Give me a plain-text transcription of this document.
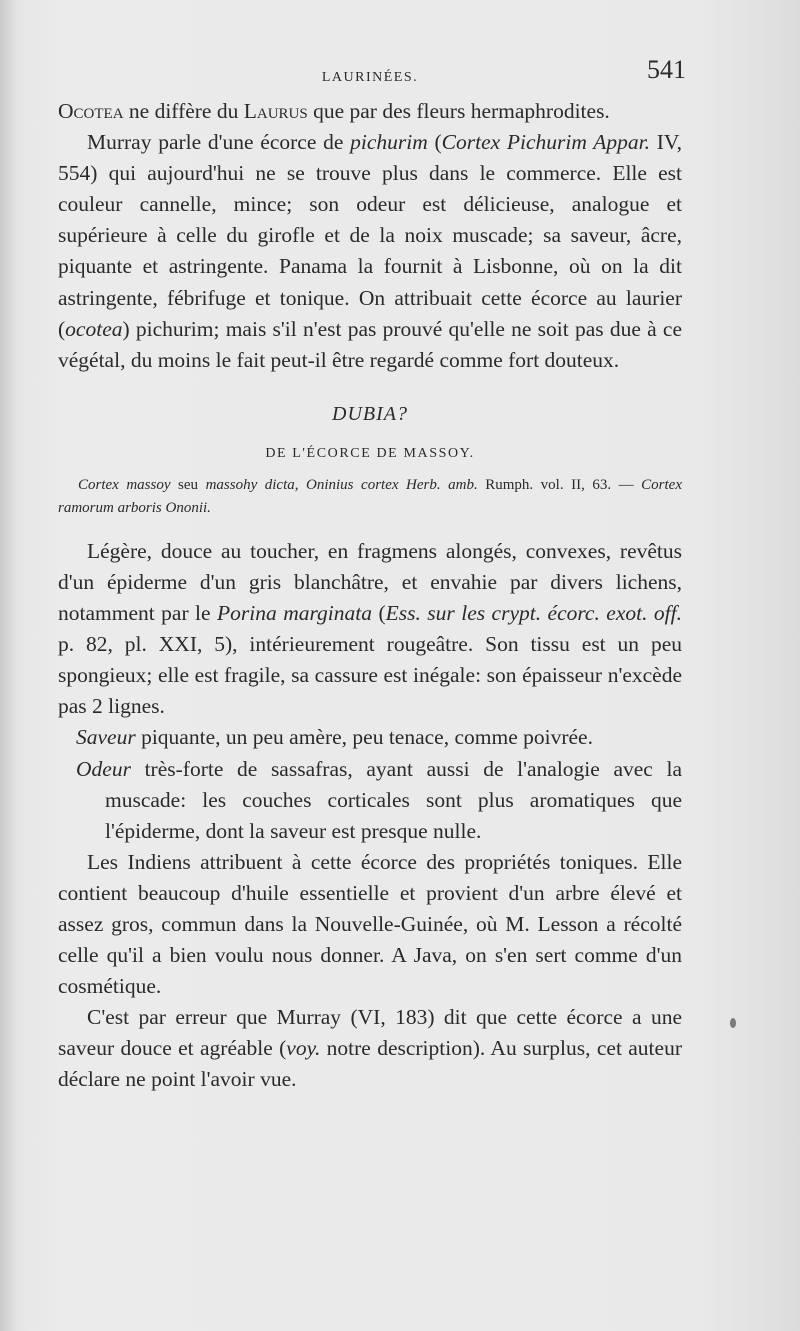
LAURINÉES.	541

Ocotea ne diffère du Laurus que par des fleurs hermaphrodites.

Murray parle d'une écorce de pichurim (Cortex Pichurim Appar. IV, 554) qui aujourd'hui ne se trouve plus dans le commerce. Elle est couleur cannelle, mince; son odeur est délicieuse, analogue et supérieure à celle du girofle et de la noix muscade; sa saveur, âcre, piquante et astringente. Panama la fournit à Lisbonne, où on la dit astringente, fébrifuge et tonique. On attribuait cette écorce au laurier (ocotea) pichurim; mais s'il n'est pas prouvé qu'elle ne soit pas due à ce végétal, du moins le fait peut-il être regardé comme fort douteux.

DUBIA?
DE L'ÉCORCE DE MASSOY.

Cortex massoy seu massohy dicta, Oninius cortex Herb. amb. Rumph. vol. II, 63. — Cortex ramorum arboris Ononii.

Légère, douce au toucher, en fragmens alongés, convexes, revêtus d'un épiderme d'un gris blanchâtre, et envahie par divers lichens, notamment par le Porina marginata (Ess. sur les crypt. écorc. exot. off. p. 82, pl. XXI, 5), intérieurement rougeâtre. Son tissu est un peu spongieux; elle est fragile, sa cassure est inégale: son épaisseur n'excède pas 2 lignes.

Saveur piquante, un peu amère, peu tenace, comme poivrée.

Odeur très-forte de sassafras, ayant aussi de l'analogie avec la muscade: les couches corticales sont plus aromatiques que l'épiderme, dont la saveur est presque nulle.

Les Indiens attribuent à cette écorce des propriétés toniques. Elle contient beaucoup d'huile essentielle et provient d'un arbre élevé et assez gros, commun dans la Nouvelle-Guinée, où M. Lesson a récolté celle qu'il a bien voulu nous donner. A Java, on s'en sert comme d'un cosmétique.

C'est par erreur que Murray (VI, 183) dit que cette écorce a une saveur douce et agréable (voy. notre description). Au surplus, cet auteur déclare ne point l'avoir vue.
